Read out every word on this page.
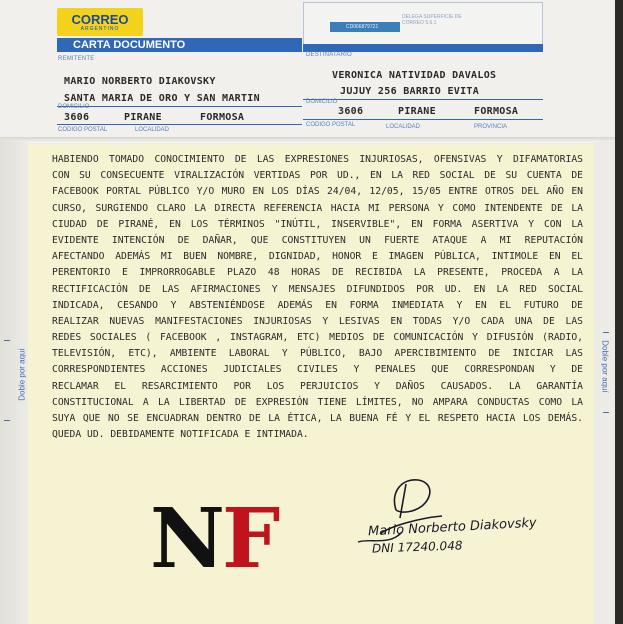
CORREO
ARGENTINO	CD066879721
DELEGA SUPERFICIE DE CORREO 5.6.1
CARTA DOCUMENTO
REMITENTE
DESTINATARIO
MARIO NORBERTO DIAKOVSKY
SANTA MARIA DE ORO Y SAN MARTIN
DOMICILIO
3606	PIRANE	FORMOSA
CODIGO POSTAL	LOCALIDAD
VERONICA NATIVIDAD DAVALOS
JUJUY 256 BARRIO EVITA
DOMICILIO
3606	PIRANE	FORMOSA
CODIGO POSTAL	LOCALIDAD	PROVINCIA
HABIENDO TOMADO CONOCIMIENTO DE LAS EXPRESIONES INJURIOSAS, OFENSIVAS Y DIFAMATORIAS
CON SU CONSECUENTE VIRALIZACIÓN VERTIDAS POR UD., EN LA RED SOCIAL DE SU CUENTA DE
FACEBOOK PORTAL PÚBLICO Y/O MURO EN LOS DÍAS 24/04, 12/05, 15/05 ENTRE OTROS DEL AÑO EN
CURSO, SURGIENDO CLARO LA DIRECTA REFERENCIA HACIA MI PERSONA Y COMO INTENDENTE DE LA
CIUDAD DE PIRANÉ, EN LOS TÉRMINOS "INÚTIL, INSERVIBLE", EN FORMA ASERTIVA Y CON LA
EVIDENTE INTENCIÓN DE DAÑAR, QUE CONSTITUYEN UN FUERTE ATAQUE A MI REPUTACIÓN
AFECTANDO ADEMÁS MI BUEN NOMBRE, DIGNIDAD, HONOR E IMAGEN PÚBLICA, INTIMOLE EN EL
PERENTORIO E IMPRORROGABLE PLAZO 48 HORAS DE RECIBIDA LA PRESENTE, PROCEDA A LA
RECTIFICACIÓN DE LAS AFIRMACIONES Y MENSAJES DIFUNDIDOS POR UD. EN LA RED SOCIAL
INDICADA, CESANDO Y ABSTENIÉNDOSE ADEMÁS EN FORMA INMEDIATA Y EN EL FUTURO DE
REALIZAR NUEVAS MANIFESTACIONES INJURIOSAS Y LESIVAS EN TODAS Y/O CADA UNA DE LAS
REDES SOCIALES ( FACEBOOK , INSTAGRAM, ETC) MEDIOS DE COMUNICACIÓN Y DIFUSIÓN (RADIO,
TELEVISIÓN, ETC), AMBIENTE LABORAL Y PÚBLICO, BAJO APERCIBIMIENTO DE INICIAR LAS
CORRESPONDIENTES ACCIONES JUDICIALES CIVILES Y PENALES QUE CORRESPONDAN Y DE
RECLAMAR EL RESARCIMIENTO POR LOS PERJUICIOS Y DAÑOS CAUSADOS. LA GARANTÍA
CONSTITUCIONAL A LA LIBERTAD DE EXPRESIÓN TIENE LÍMITES, NO AMPARA CONDUCTAS COMO LA
SUYA QUE NO SE ENCUADRAN DENTRO DE LA ÉTICA, LA BUENA FÉ Y EL RESPETO HACIA LOS DEMÁS.
QUEDA UD. DEBIDAMENTE NOTIFICADA E INTIMADA.
Doble por aquí	Doble por aquí
NF	Mario Norberto Diakovsky
DNI 17240.048
